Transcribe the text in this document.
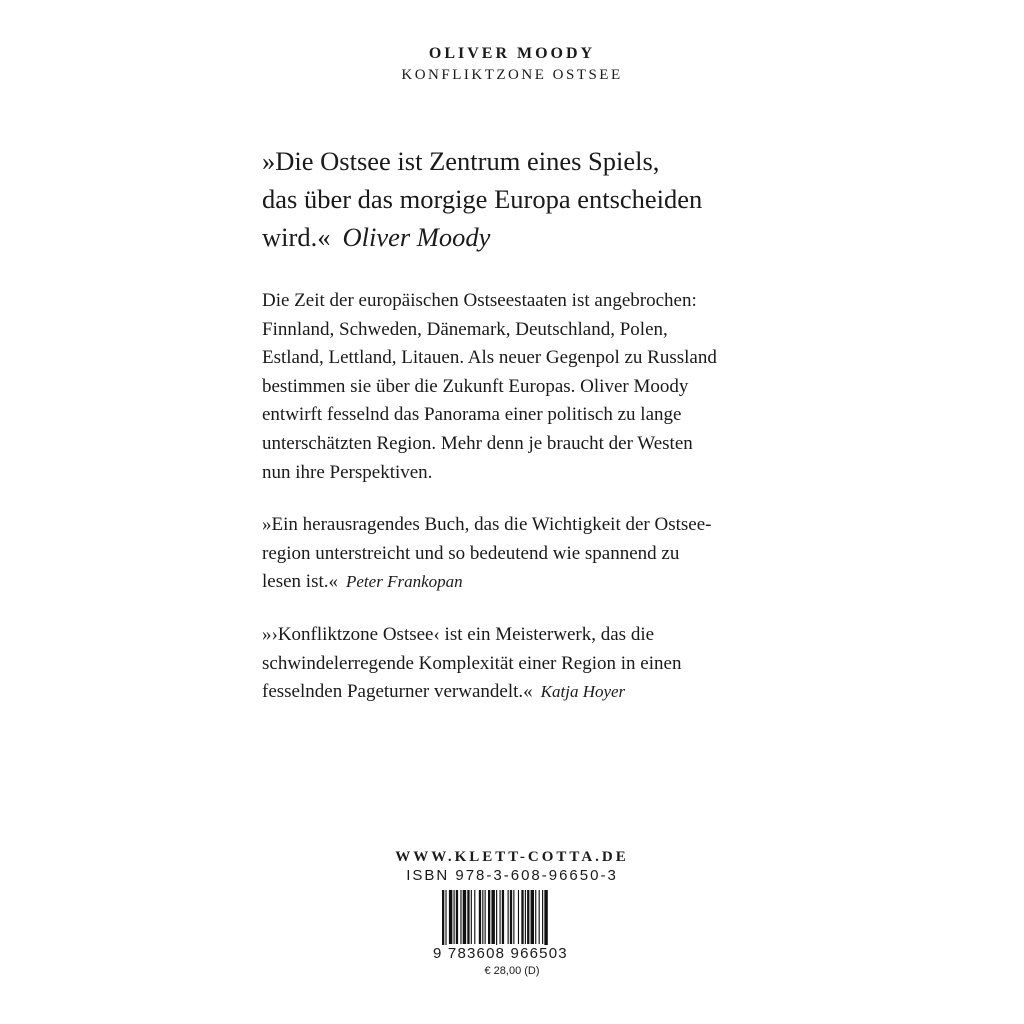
OLIVER MOODY
KONFLIKTZONE OSTSEE
»Die Ostsee ist Zentrum eines Spiels,
das über das morgige Europa entscheiden
wird.« Oliver Moody
Die Zeit der europäischen Ostseestaaten ist angebrochen:
Finnland, Schweden, Dänemark, Deutschland, Polen,
Estland, Lettland, Litauen. Als neuer Gegenpol zu Russland
bestimmen sie über die Zukunft Europas. Oliver Moody
entwirft fesselnd das Panorama einer politisch zu lange
unterschätzten Region. Mehr denn je braucht der Westen
nun ihre Perspektiven.
»Ein herausragendes Buch, das die Wichtigkeit der Ostsee-
region unterstreicht und so bedeutend wie spannend zu
lesen ist.« Peter Frankopan
»›Konfliktzone Ostsee‹ ist ein Meisterwerk, das die
schwindelerregende Komplexität einer Region in einen
fesselnden Pageturner verwandelt.« Katja Hoyer
WWW.KLETT-COTTA.DE
ISBN 978-3-608-96650-3
9 783608 966503
€ 28,00 (D)
